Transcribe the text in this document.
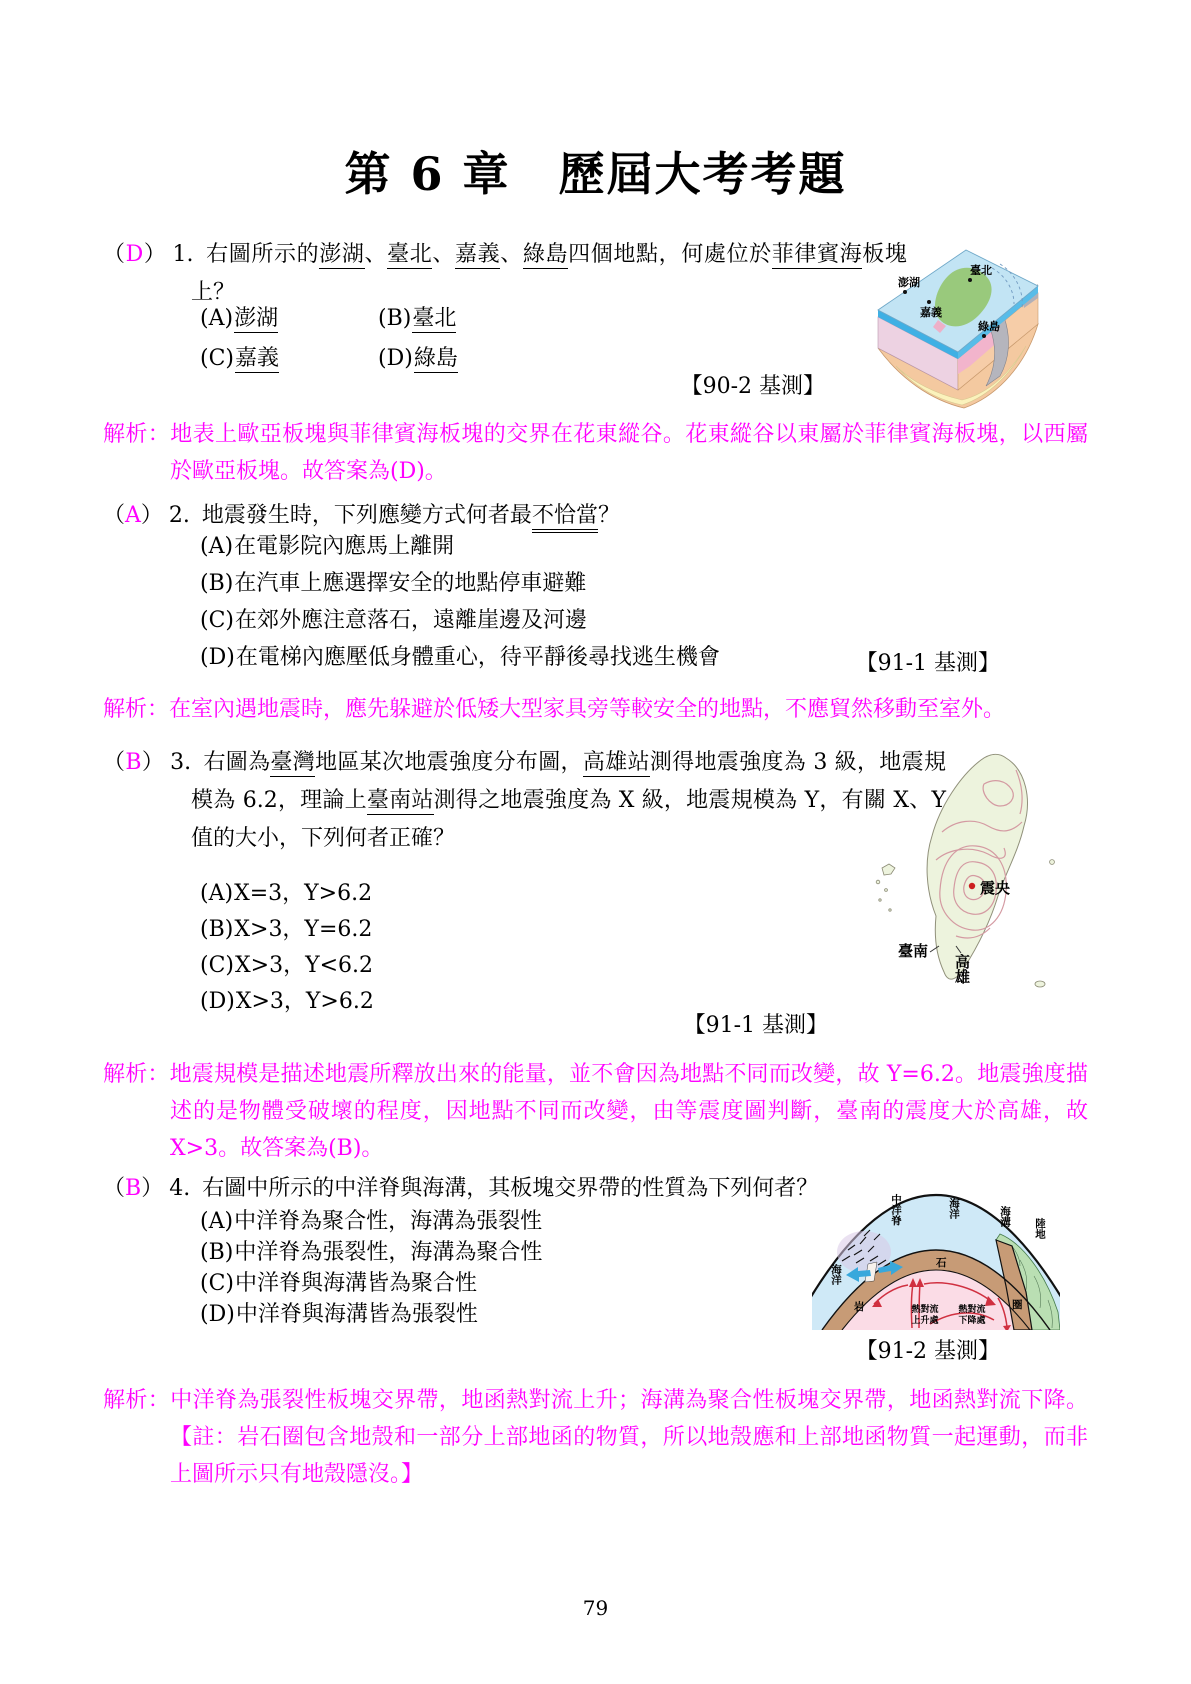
第 6 章　歷屆大考考題
（D） 1. 右圖所示的澎湖、臺北、嘉義、綠島四個地點，何處位於菲律賓海板塊上？
(A)澎湖	(B)臺北
(C)嘉義	(D)綠島
【90-2 基測】
澎湖
臺北
嘉義
綠島
解析：地表上歐亞板塊與菲律賓海板塊的交界在花東縱谷。花東縱谷以東屬於菲律賓海板塊，以西屬於歐亞板塊。故答案為(D)。
（A） 2. 地震發生時，下列應變方式何者最不恰當？
(A)在電影院內應馬上離開
(B)在汽車上應選擇安全的地點停車避難
(C)在郊外應注意落石，遠離崖邊及河邊
(D)在電梯內應壓低身體重心，待平靜後尋找逃生機會	【91-1 基測】
解析：在室內遇地震時，應先躲避於低矮大型家具旁等較安全的地點，不應貿然移動至室外。
（B） 3. 右圖為臺灣地區某次地震強度分布圖，高雄站測得地震強度為 3 級，地震規模為 6.2，理論上臺南站測得之地震強度為 X 級，地震規模為 Y，有關 X、Y 值的大小，下列何者正確？
(A)X=3，Y>6.2
(B)X>3，Y=6.2
(C)X>3，Y<6.2
(D)X>3，Y>6.2
【91-1 基測】
震央
臺南
高雄
解析：地震規模是描述地震所釋放出來的能量，並不會因為地點不同而改變，故 Y=6.2。地震強度描述的是物體受破壞的程度，因地點不同而改變，由等震度圖判斷，臺南的震度大於高雄，故 X>3。故答案為(B)。
（B） 4. 右圖中所示的中洋脊與海溝，其板塊交界帶的性質為下列何者？
(A)中洋脊為聚合性，海溝為張裂性
(B)中洋脊為張裂性，海溝為聚合性
(C)中洋脊與海溝皆為聚合性
(D)中洋脊與海溝皆為張裂性
中洋脊	海洋	海溝
陸地
海洋
岩
石
圈
熱對流
上升處
熱對流
下降處
【91-2 基測】
解析：中洋脊為張裂性板塊交界帶，地函熱對流上升；海溝為聚合性板塊交界帶，地函熱對流下降。【註：岩石圈包含地殼和一部分上部地函的物質，所以地殼應和上部地函物質一起運動，而非上圖所示只有地殼隱沒。】
79
